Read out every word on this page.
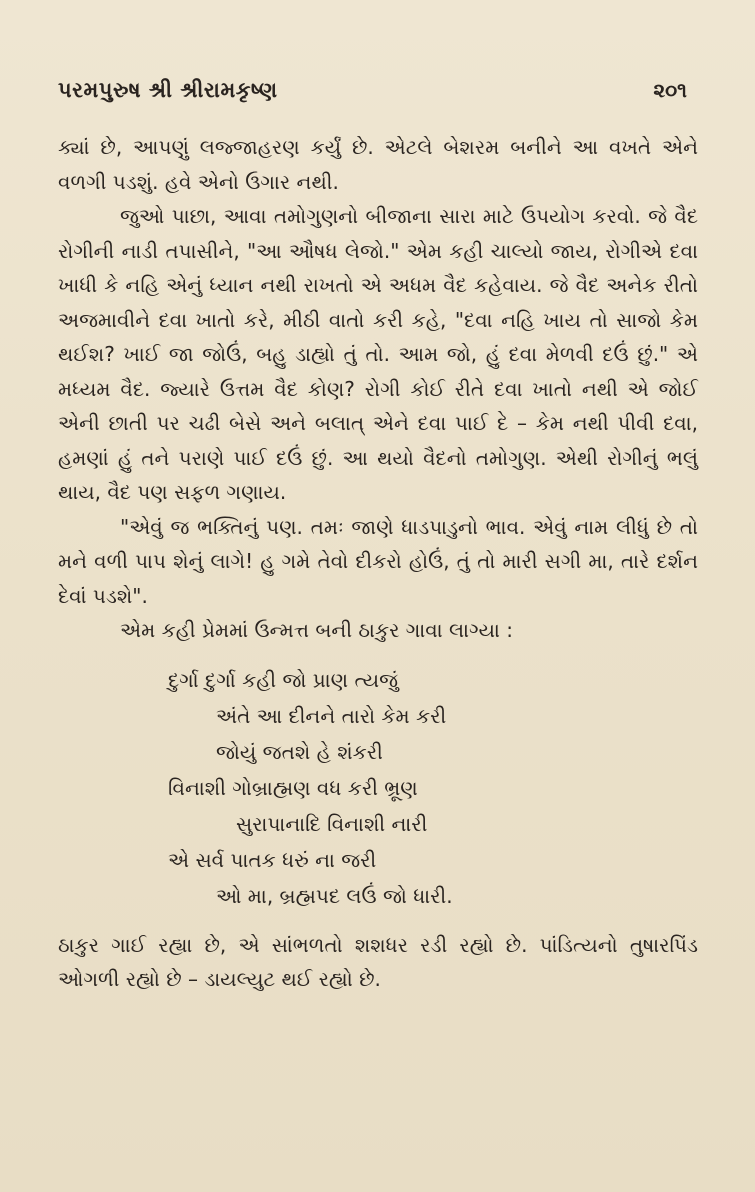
પરમપુરુષ શ્રી શ્રીરામકૃષ્ણ	૨૦૧

ક્યાં છે, આપણું લજ્જાહરણ કર્યું છે. એટલે બેશરમ બનીને આ વખતે એને વળગી પડશું. હવે એનો ઉગાર નથી.

જુઓ પાછા, આવા તમોગુણનો બીજાના સારા માટે ઉપયોગ કરવો. જે વૈદ રોગીની નાડી તપાસીને, "આ ઔષધ લેજો." એમ કહી ચાલ્યો જાય, રોગીએ દવા ખાધી કે નહિ એનું ધ્યાન નથી રાખતો એ અધમ વૈદ કહેવાય. જે વૈદ અનેક રીતો અજમાવીને દવા ખાતો કરે, મીઠી વાતો કરી કહે, "દવા નહિ ખાય તો સાજો કેમ થઈશ? ખાઈ જા જોઉં, બહુ ડાહ્યો તું તો. આમ જો, હું દવા મેળવી દઉં છું." એ મધ્યમ વૈદ. જ્યારે ઉત્તમ વૈદ કોણ? રોગી કોઈ રીતે દવા ખાતો નથી એ જોઈ એની છાતી પર ચઢી બેસે અને બલાત્ એને દવા પાઈ દે – કેમ નથી પીવી દવા, હમણાં હું તને પરાણે પાઈ દઉં છું. આ થયો વૈદનો તમોગુણ. એથી રોગીનું ભલું થાય, વૈદ પણ સફળ ગણાય.

"એવું જ ભક્તિનું પણ. તમઃ જાણે ધાડપાડુનો ભાવ. એવું નામ લીધું છે તો મને વળી પાપ શેનું લાગે! હુ ગમે તેવો દીકરો હોઉં, તું તો મારી સગી મા, તારે દર્શન દેવાં પડશે".

એમ કહી પ્રેમમાં ઉન્મત્ત બની ઠાકુર ગાવા લાગ્યા :

દુર્ગા દુર્ગા કહી જો પ્રાણ ત્યજું
અંતે આ દીનને તારો કેમ કરી
જોયું જતશે હે શંકરી
વિનાશી ગોબ્રાહ્મણ વધ કરી ભ્રૂણ
સુરાપાનાદિ વિનાશી નારી
એ સર્વ પાતક ધરું ના જરી
ઓ મા, બ્રહ્મપદ લઉં જો ધારી.

ઠાકુર ગાઈ રહ્યા છે, એ સાંભળતો શશધર રડી રહ્યો છે. પાંડિત્યનો તુષારપિંડ ઓગળી રહ્યો છે – ડાયલ્યુટ થઈ રહ્યો છે.
